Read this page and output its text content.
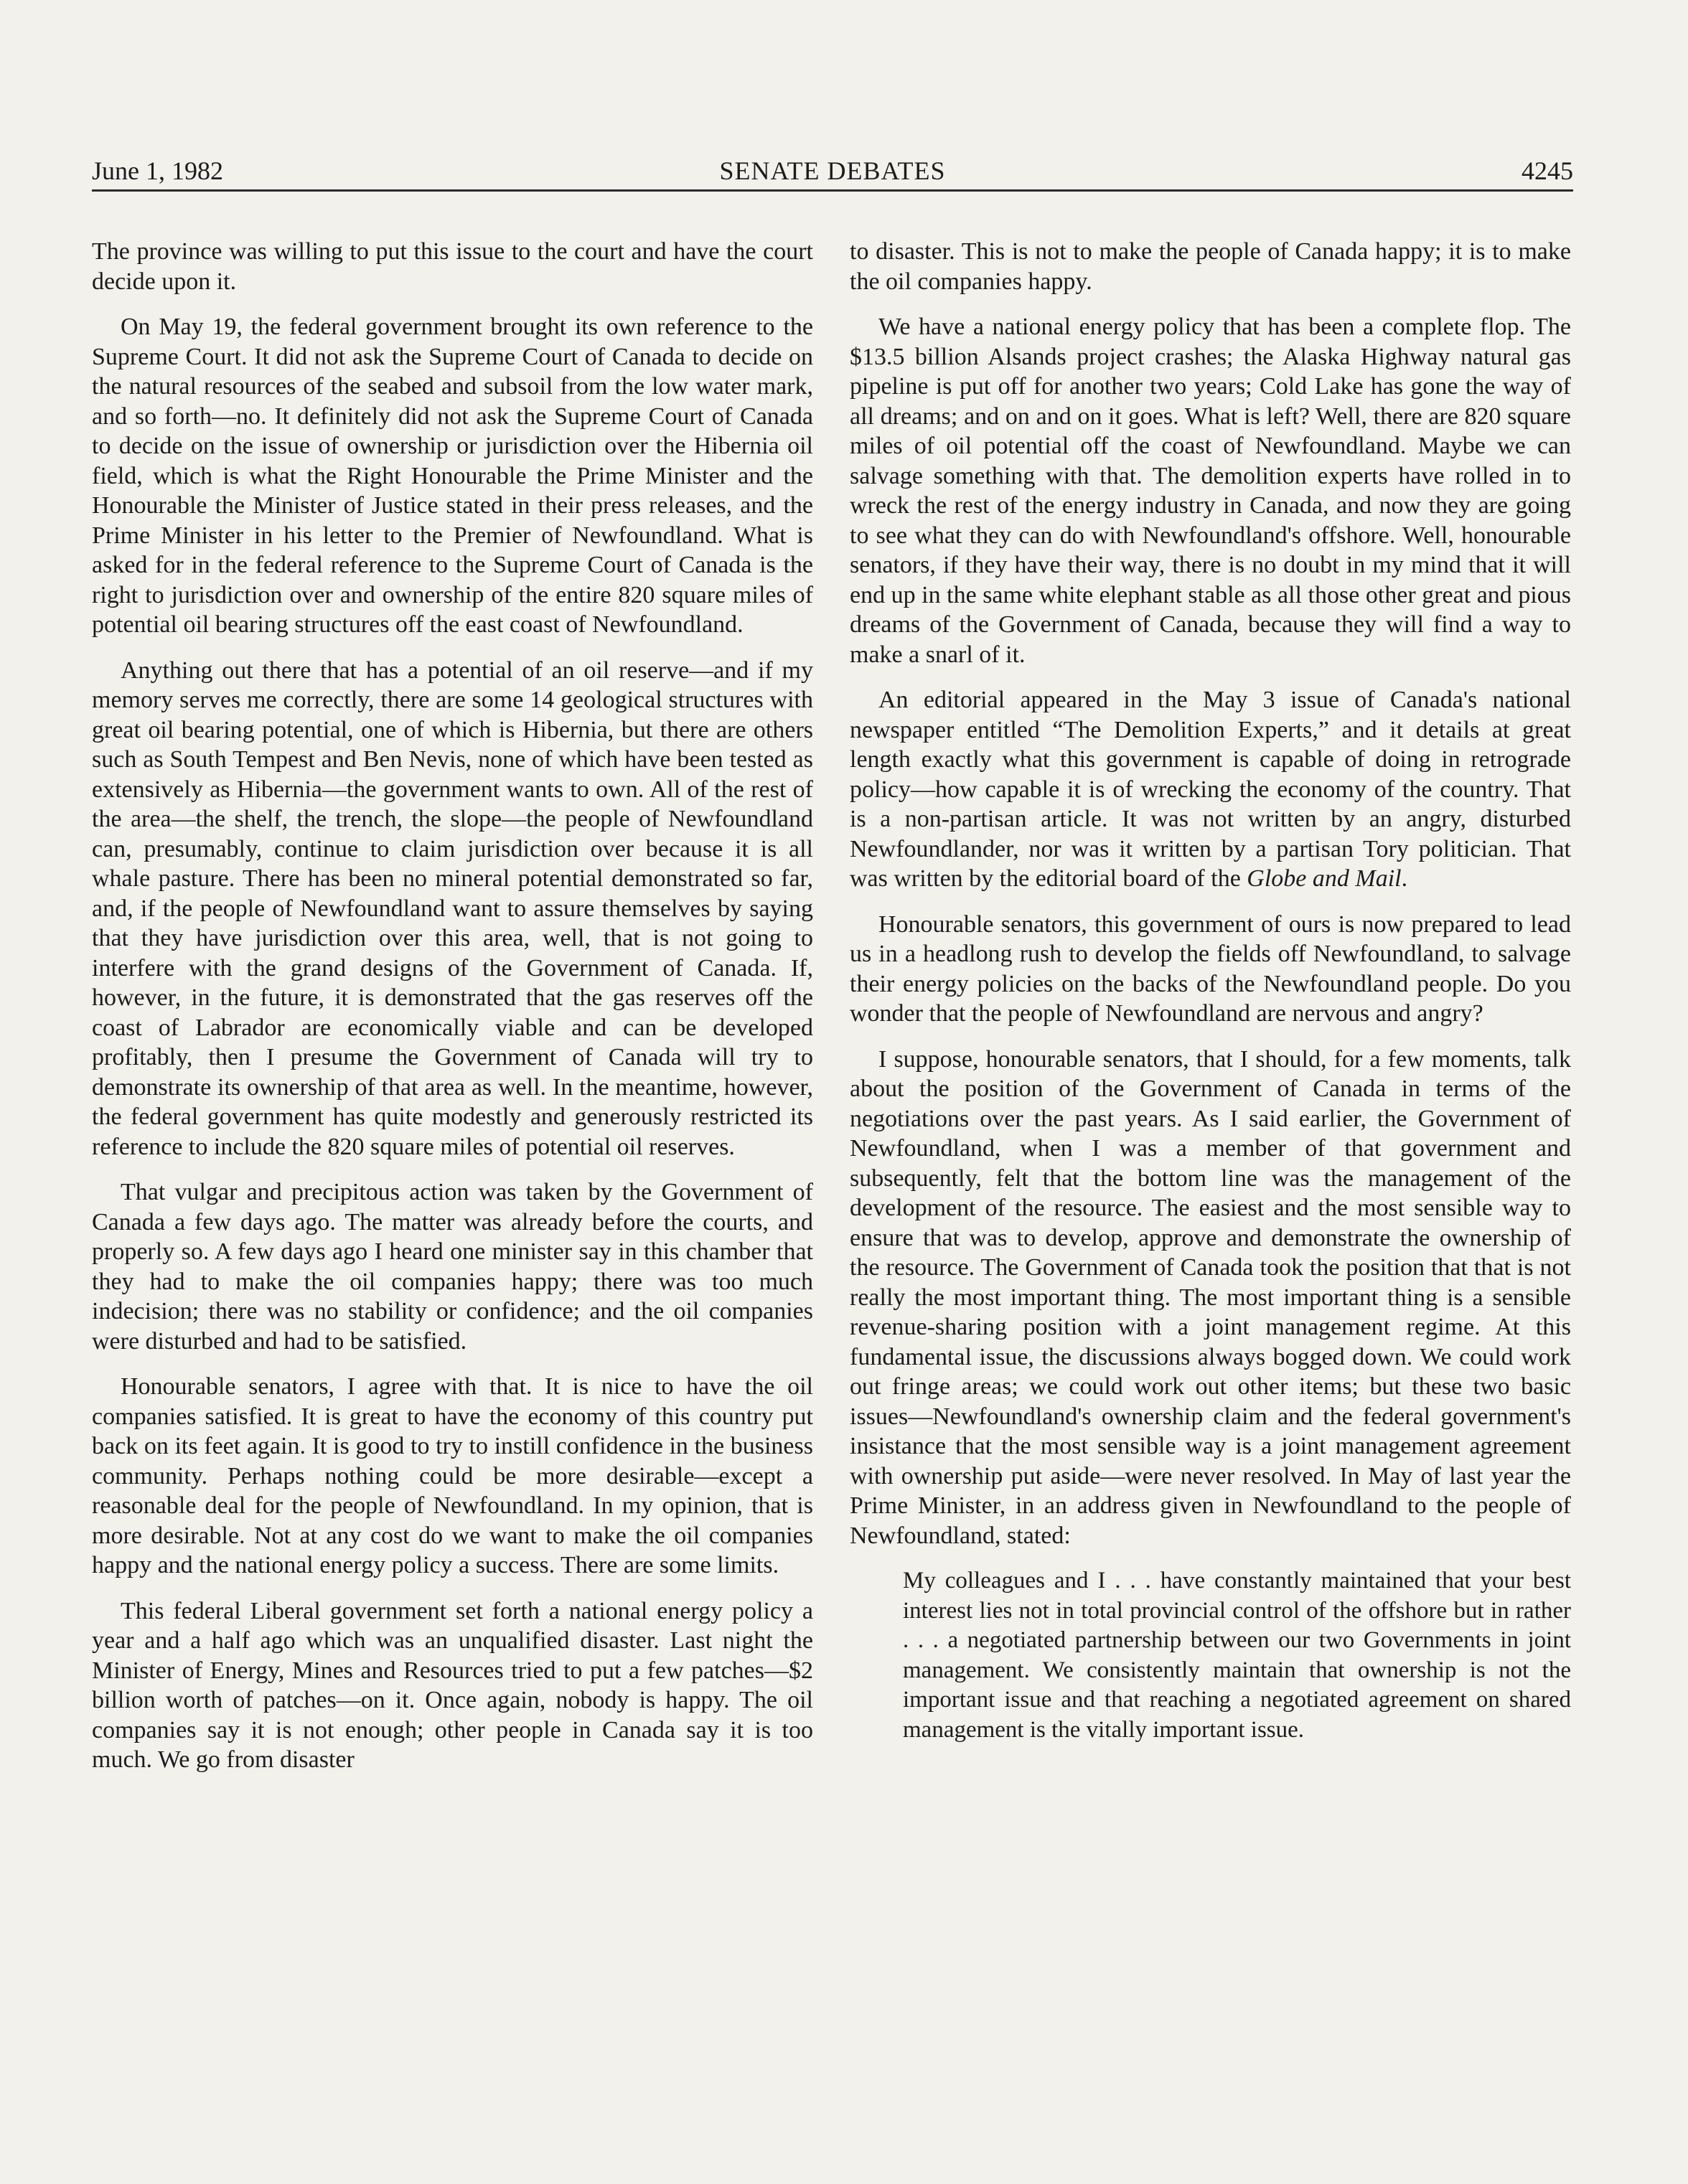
June 1, 1982	SENATE DEBATES	4245

The province was willing to put this issue to the court and have the court decide upon it.

On May 19, the federal government brought its own reference to the Supreme Court. It did not ask the Supreme Court of Canada to decide on the natural resources of the seabed and subsoil from the low water mark, and so forth—no. It definitely did not ask the Supreme Court of Canada to decide on the issue of ownership or jurisdiction over the Hibernia oil field, which is what the Right Honourable the Prime Minister and the Honourable the Minister of Justice stated in their press releases, and the Prime Minister in his letter to the Premier of Newfoundland. What is asked for in the federal reference to the Supreme Court of Canada is the right to jurisdiction over and ownership of the entire 820 square miles of potential oil bearing structures off the east coast of Newfoundland.

Anything out there that has a potential of an oil reserve—and if my memory serves me correctly, there are some 14 geological structures with great oil bearing potential, one of which is Hibernia, but there are others such as South Tempest and Ben Nevis, none of which have been tested as extensively as Hibernia—the government wants to own. All of the rest of the area—the shelf, the trench, the slope—the people of Newfoundland can, presumably, continue to claim jurisdiction over because it is all whale pasture. There has been no mineral potential demonstrated so far, and, if the people of Newfoundland want to assure themselves by saying that they have jurisdiction over this area, well, that is not going to interfere with the grand designs of the Government of Canada. If, however, in the future, it is demonstrated that the gas reserves off the coast of Labrador are economically viable and can be developed profitably, then I presume the Government of Canada will try to demonstrate its ownership of that area as well. In the meantime, however, the federal government has quite modestly and generously restricted its reference to include the 820 square miles of potential oil reserves.

That vulgar and precipitous action was taken by the Government of Canada a few days ago. The matter was already before the courts, and properly so. A few days ago I heard one minister say in this chamber that they had to make the oil companies happy; there was too much indecision; there was no stability or confidence; and the oil companies were disturbed and had to be satisfied.

Honourable senators, I agree with that. It is nice to have the oil companies satisfied. It is great to have the economy of this country put back on its feet again. It is good to try to instill confidence in the business community. Perhaps nothing could be more desirable—except a reasonable deal for the people of Newfoundland. In my opinion, that is more desirable. Not at any cost do we want to make the oil companies happy and the national energy policy a success. There are some limits.

This federal Liberal government set forth a national energy policy a year and a half ago which was an unqualified disaster. Last night the Minister of Energy, Mines and Resources tried to put a few patches—$2 billion worth of patches—on it. Once again, nobody is happy. The oil companies say it is not enough; other people in Canada say it is too much. We go from disaster

to disaster. This is not to make the people of Canada happy; it is to make the oil companies happy.

We have a national energy policy that has been a complete flop. The $13.5 billion Alsands project crashes; the Alaska Highway natural gas pipeline is put off for another two years; Cold Lake has gone the way of all dreams; and on and on it goes. What is left? Well, there are 820 square miles of oil potential off the coast of Newfoundland. Maybe we can salvage something with that. The demolition experts have rolled in to wreck the rest of the energy industry in Canada, and now they are going to see what they can do with Newfoundland's offshore. Well, honourable senators, if they have their way, there is no doubt in my mind that it will end up in the same white elephant stable as all those other great and pious dreams of the Government of Canada, because they will find a way to make a snarl of it.

An editorial appeared in the May 3 issue of Canada's national newspaper entitled “The Demolition Experts,” and it details at great length exactly what this government is capable of doing in retrograde policy—how capable it is of wrecking the economy of the country. That is a non-partisan article. It was not written by an angry, disturbed Newfoundlander, nor was it written by a partisan Tory politician. That was written by the editorial board of the Globe and Mail.

Honourable senators, this government of ours is now prepared to lead us in a headlong rush to develop the fields off Newfoundland, to salvage their energy policies on the backs of the Newfoundland people. Do you wonder that the people of Newfoundland are nervous and angry?

I suppose, honourable senators, that I should, for a few moments, talk about the position of the Government of Canada in terms of the negotiations over the past years. As I said earlier, the Government of Newfoundland, when I was a member of that government and subsequently, felt that the bottom line was the management of the development of the resource. The easiest and the most sensible way to ensure that was to develop, approve and demonstrate the ownership of the resource. The Government of Canada took the position that that is not really the most important thing. The most important thing is a sensible revenue-sharing position with a joint management regime. At this fundamental issue, the discussions always bogged down. We could work out fringe areas; we could work out other items; but these two basic issues—Newfoundland's ownership claim and the federal government's insistance that the most sensible way is a joint management agreement with ownership put aside—were never resolved. In May of last year the Prime Minister, in an address given in Newfoundland to the people of Newfoundland, stated:

My colleagues and I . . . have constantly maintained that your best interest lies not in total provincial control of the offshore but in rather . . . a negotiated partnership between our two Governments in joint management. We consistently maintain that ownership is not the important issue and that reaching a negotiated agreement on shared management is the vitally important issue.
